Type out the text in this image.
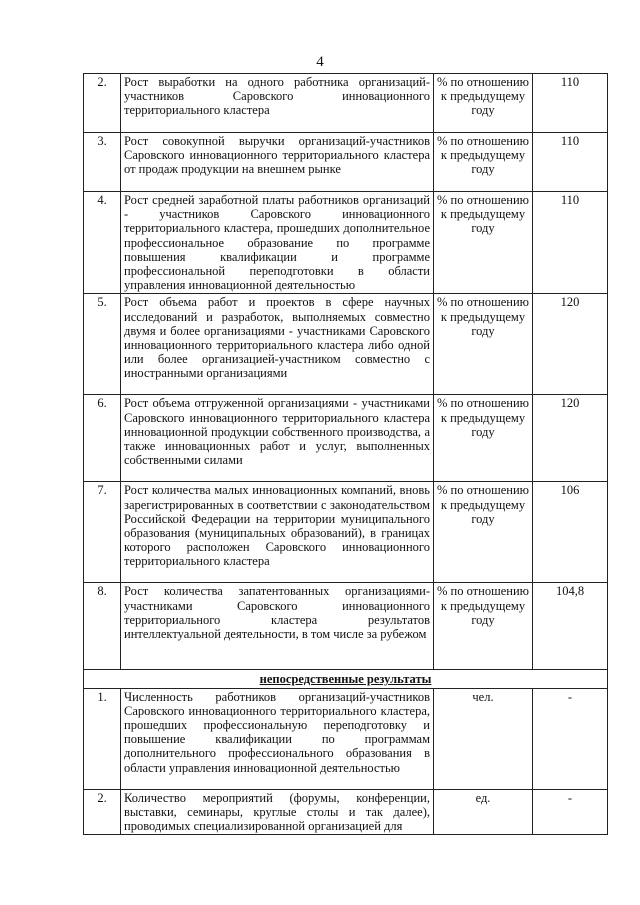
4
2.	Рост выработки на одного работника организаций-участников Саровского инновационного территориального кластера	% по отношению к предыдущему году	110
3.	Рост совокупной выручки организаций-участников Саровского инновационного территориального кластера от продаж продукции на внешнем рынке	% по отношению к предыдущему году	110
4.	Рост средней заработной платы работников организаций - участников Саровского инновационного территориального кластера, прошедших дополнительное профессиональное образование по программе повышения квалификации и программе профессиональной переподготовки в области управления инновационной деятельностью	% по отношению к предыдущему году	110
5.	Рост объема работ и проектов в сфере научных исследований и разработок, выполняемых совместно двумя и более организациями - участниками Саровского инновационного территориального кластера либо одной или более организацией-участником совместно с иностранными организациями	% по отношению к предыдущему году	120
6.	Рост объема отгруженной организациями - участниками Саровского инновационного территориального кластера инновационной продукции собственного производства, а также инновационных работ и услуг, выполненных собственными силами	% по отношению к предыдущему году	120
7.	Рост количества малых инновационных компаний, вновь зарегистрированных в соответствии с законодательством Российской Федерации на территории муниципального образования (муниципальных образований), в границах которого расположен Саровского инновационного территориального кластера	% по отношению к предыдущему году	106
8.	Рост количества запатентованных организациями-участниками Саровского инновационного территориального кластера результатов интеллектуальной деятельности, в том числе за рубежом	% по отношению к предыдущему году	104,8
непосредственные результаты			
1.	Численность работников организаций-участников Саровского инновационного территориального кластера, прошедших профессиональную переподготовку и повышение квалификации по программам дополнительного профессионального образования в области управления инновационной деятельностью	чел.	-
2.	Количество мероприятий (форумы, конференции, выставки, семинары, круглые столы и так далее), проводимых специализированной организацией для	ед.	-
